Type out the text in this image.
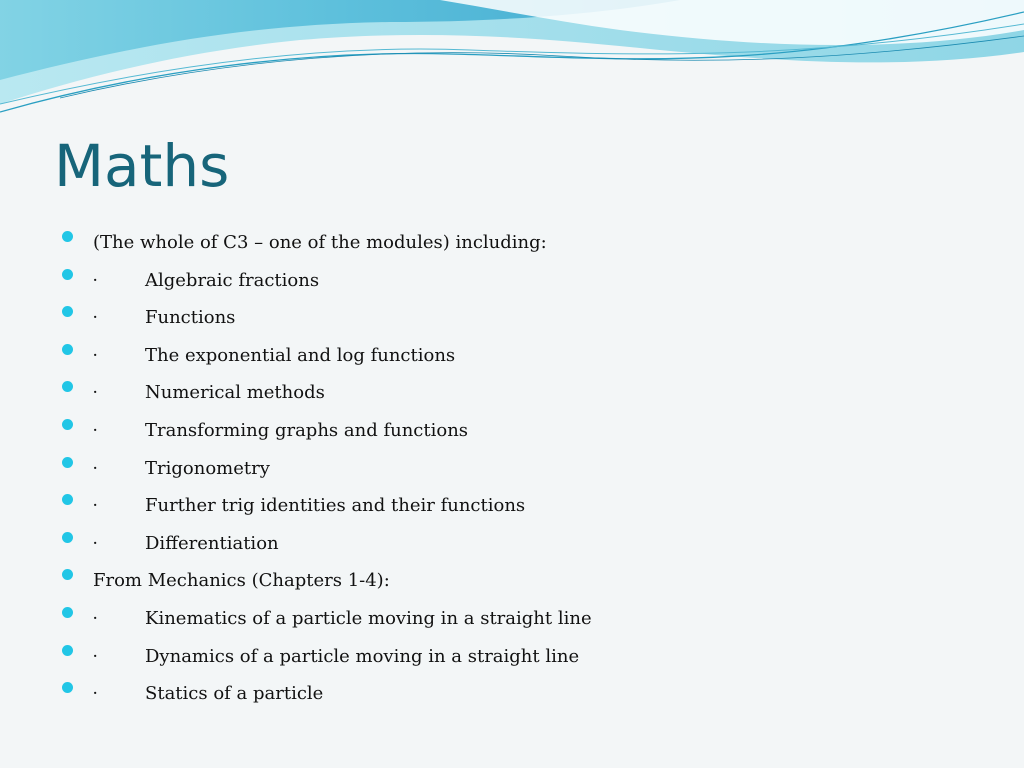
Maths
(The whole of C3 – one of the modules) including:
·	Algebraic fractions
·	Functions
·	The exponential and log functions
·	Numerical methods
·	Transforming graphs and functions
·	Trigonometry
·	Further trig identities and their functions
·	Differentiation
From Mechanics (Chapters 1-4):
·	Kinematics of a particle moving in a straight line
·	Dynamics of a particle moving in a straight line
·	Statics of a particle
